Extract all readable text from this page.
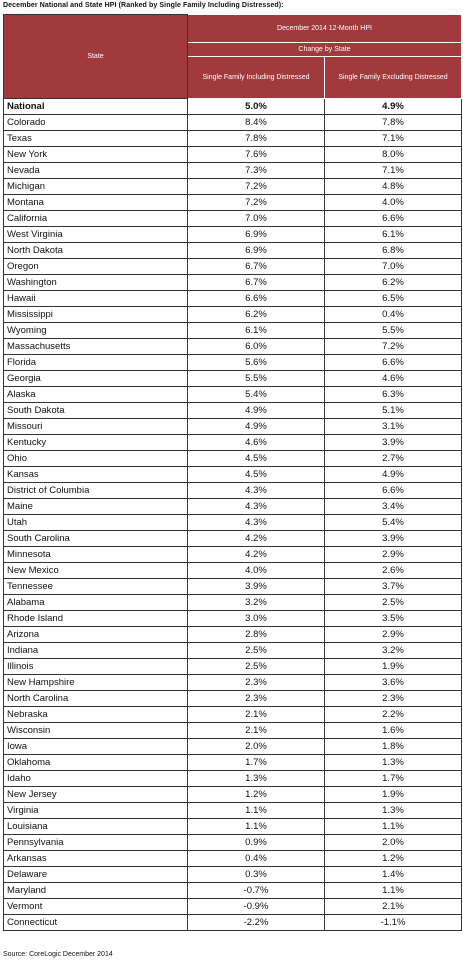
December National and State HPI (Ranked by Single Family Including Distressed):
State	December 2014 12-Month HPI	
	Change by State	
	Single Family Including Distressed	Single Family Excluding Distressed
National	5.0%	4.9%
Colorado	8.4%	7.8%
Texas	7.8%	7.1%
New York	7.6%	8.0%
Nevada	7.3%	7.1%
Michigan	7.2%	4.8%
Montana	7.2%	4.0%
California	7.0%	6.6%
West Virginia	6.9%	6.1%
North Dakota	6.9%	6.8%
Oregon	6.7%	7.0%
Washington	6.7%	6.2%
Hawaii	6.6%	6.5%
Mississippi	6.2%	0.4%
Wyoming	6.1%	5.5%
Massachusetts	6.0%	7.2%
Florida	5.6%	6.6%
Georgia	5.5%	4.6%
Alaska	5.4%	6.3%
South Dakota	4.9%	5.1%
Missouri	4.9%	3.1%
Kentucky	4.6%	3.9%
Ohio	4.5%	2.7%
Kansas	4.5%	4.9%
District of Columbia	4.3%	6.6%
Maine	4.3%	3.4%
Utah	4.3%	5.4%
South Carolina	4.2%	3.9%
Minnesota	4.2%	2.9%
New Mexico	4.0%	2.6%
Tennessee	3.9%	3.7%
Alabama	3.2%	2.5%
Rhode Island	3.0%	3.5%
Arizona	2.8%	2.9%
Indiana	2.5%	3.2%
Illinois	2.5%	1.9%
New Hampshire	2.3%	3.6%
North Carolina	2.3%	2.3%
Nebraska	2.1%	2.2%
Wisconsin	2.1%	1.6%
Iowa	2.0%	1.8%
Oklahoma	1.7%	1.3%
Idaho	1.3%	1.7%
New Jersey	1.2%	1.9%
Virginia	1.1%	1.3%
Louisiana	1.1%	1.1%
Pennsylvania	0.9%	2.0%
Arkansas	0.4%	1.2%
Delaware	0.3%	1.4%
Maryland	-0.7%	1.1%
Vermont	-0.9%	2.1%
Connecticut	-2.2%	-1.1%
Source: CoreLogic December 2014
